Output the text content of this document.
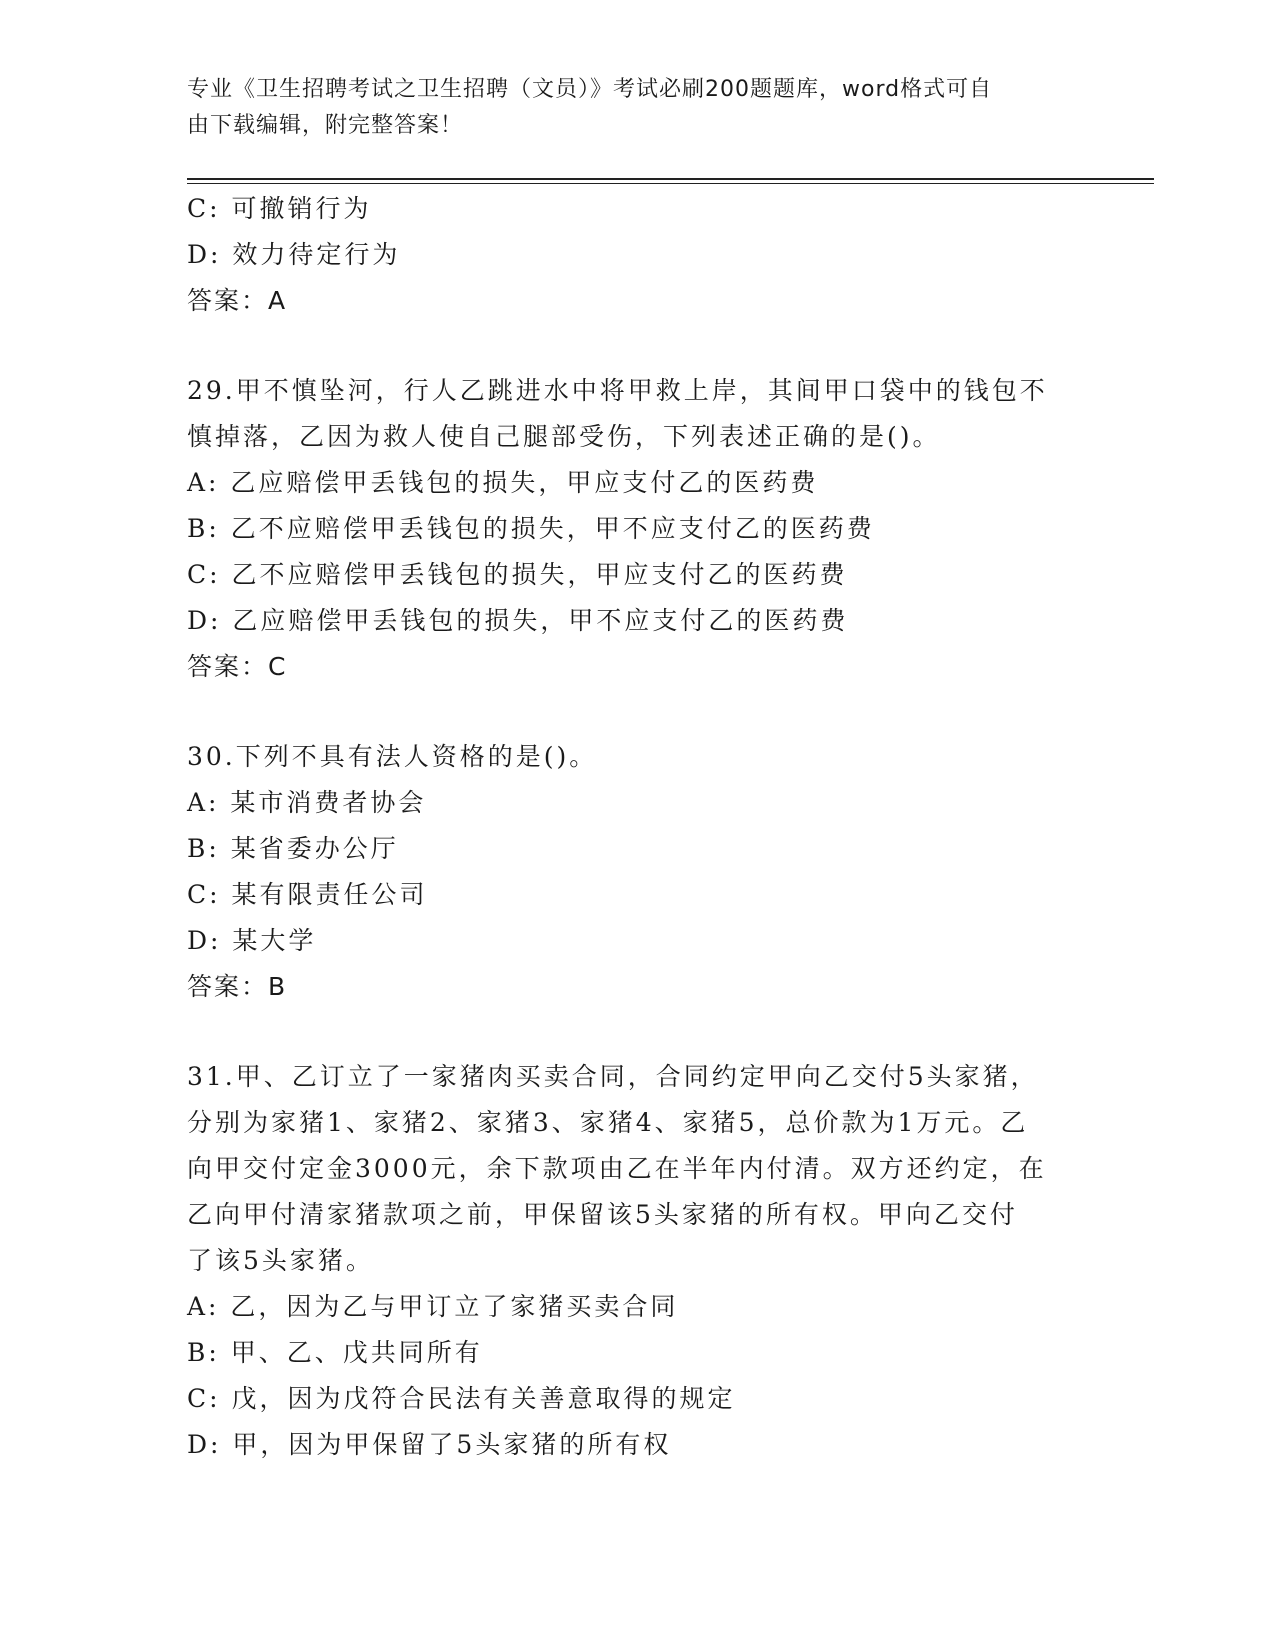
专业《卫生招聘考试之卫生招聘（文员）》考试必刷200题题库，word格式可自
由下载编辑，附完整答案！
C: 可撤销行为
D: 效力待定行为
答案：A
29.甲不慎坠河，行人乙跳进水中将甲救上岸，其间甲口袋中的钱包不
慎掉落，乙因为救人使自己腿部受伤，下列表述正确的是()。
A: 乙应赔偿甲丢钱包的损失，甲应支付乙的医药费
B: 乙不应赔偿甲丢钱包的损失，甲不应支付乙的医药费
C: 乙不应赔偿甲丢钱包的损失，甲应支付乙的医药费
D: 乙应赔偿甲丢钱包的损失，甲不应支付乙的医药费
答案：C
30.下列不具有法人资格的是()。
A: 某市消费者协会
B: 某省委办公厅
C: 某有限责任公司
D: 某大学
答案：B
31.甲、乙订立了一家猪肉买卖合同，合同约定甲向乙交付5头家猪，
分别为家猪1、家猪2、家猪3、家猪4、家猪5，总价款为1万元。乙
向甲交付定金3000元，余下款项由乙在半年内付清。双方还约定，在
乙向甲付清家猪款项之前，甲保留该5头家猪的所有权。甲向乙交付
了该5头家猪。
A: 乙，因为乙与甲订立了家猪买卖合同
B: 甲、乙、戊共同所有
C: 戊，因为戊符合民法有关善意取得的规定
D: 甲，因为甲保留了5头家猪的所有权
